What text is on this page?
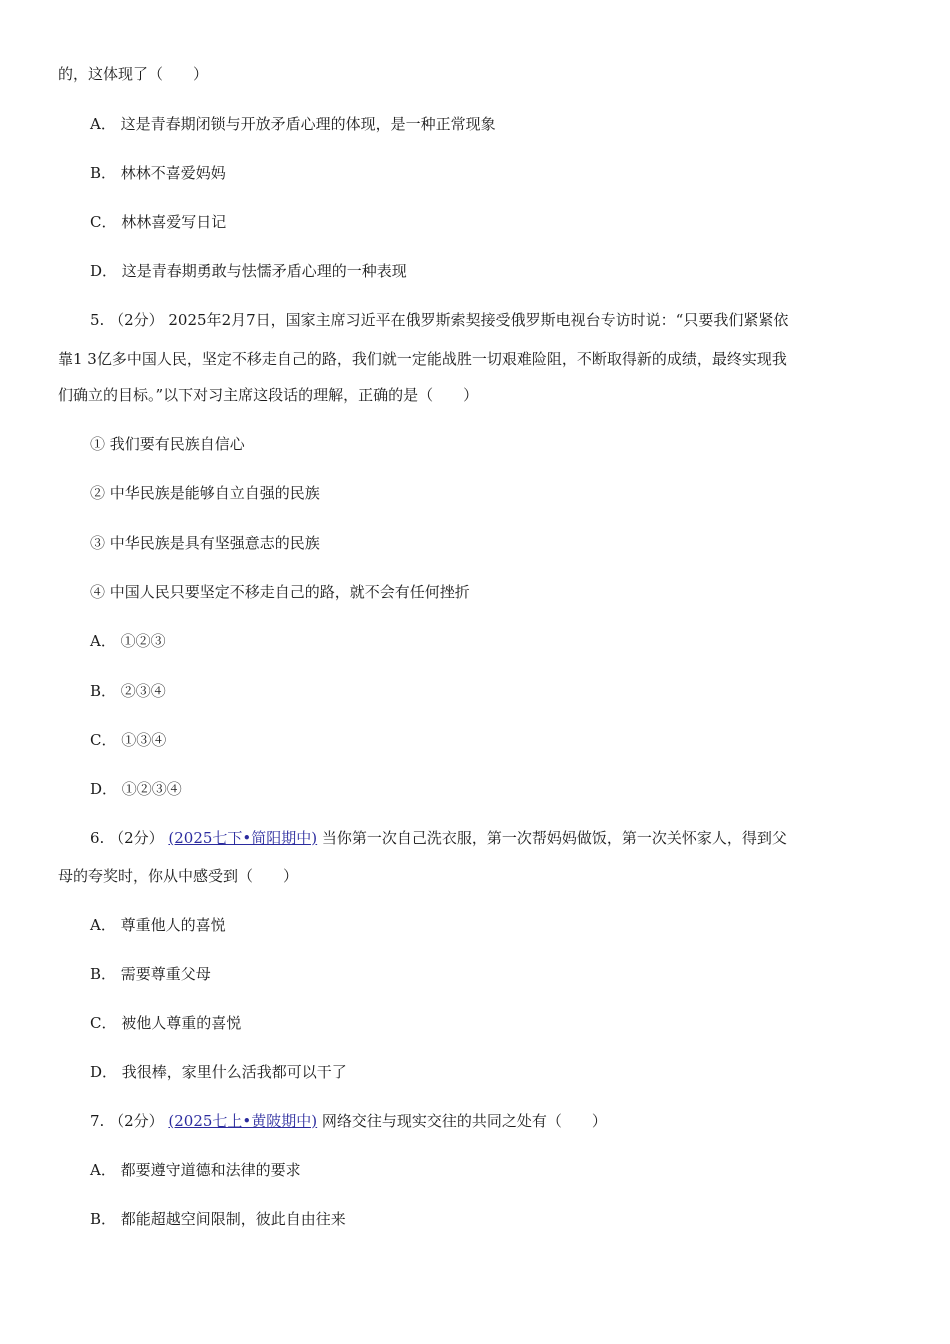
的，这体现了（　　）
A． 这是青春期闭锁与开放矛盾心理的体现，是一种正常现象
B． 林林不喜爱妈妈
C． 林林喜爱写日记
D． 这是青春期勇敢与怯懦矛盾心理的一种表现
5. （2分） 2025年2月7日，国家主席习近平在俄罗斯索契接受俄罗斯电视台专访时说：“只要我们紧紧依
靠1 3亿多中国人民，坚定不移走自己的路，我们就一定能战胜一切艰难险阻，不断取得新的成绩，最终实现我
们确立的目标。”以下对习主席这段话的理解，正确的是（　　）
① 我们要有民族自信心
② 中华民族是能够自立自强的民族
③ 中华民族是具有坚强意志的民族
④ 中国人民只要坚定不移走自己的路，就不会有任何挫折
A． ①②③
B． ②③④
C． ①③④
D． ①②③④
6. （2分） (2025七下•简阳期中) 当你第一次自己洗衣服，第一次帮妈妈做饭，第一次关怀家人，得到父
母的夸奖时，你从中感受到（　　）
A． 尊重他人的喜悦
B． 需要尊重父母
C． 被他人尊重的喜悦
D． 我很棒，家里什么活我都可以干了
7. （2分） (2025七上•黄陂期中) 网络交往与现实交往的共同之处有（　　）
A． 都要遵守道德和法律的要求
B． 都能超越空间限制，彼此自由往来
